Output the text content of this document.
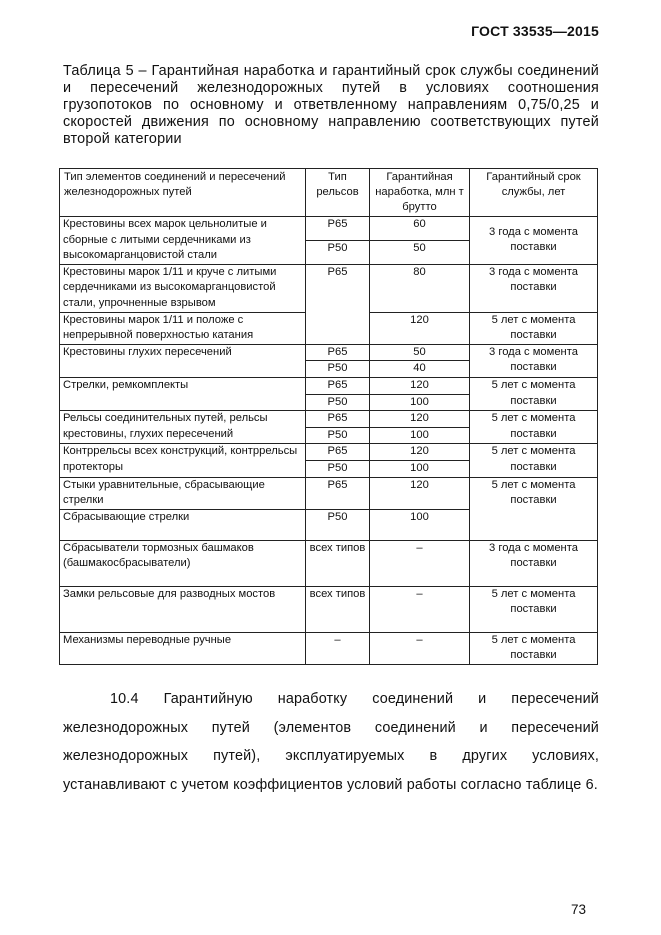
ГОСТ 33535—2015
Таблица 5 – Гарантийная наработка и гарантийный срок службы соединений и пересечений железнодорожных путей в условиях соотношения грузопотоков по основному и ответвленному направлениям 0,75/0,25 и скоростей движения по основному направлению соответствующих путей второй категории
Тип элементов соединений и пересечений железнодорожных путей	Тип рельсов	Гарантийная наработка, млн т брутто	Гарантийный срок службы, лет
Крестовины всех марок цельнолитые и сборные с литыми сердечниками из высокомарганцовистой стали	Р65	60	3 года с момента поставки
	Р50	50	
Крестовины марок 1/11 и круче с литыми сердечниками из высокомарганцовистой стали, упрочненные взрывом	Р65	80	3 года с момента поставки
Крестовины марок 1/11 и положе с непрерывной поверхностью катания		120	5 лет с момента поставки
Крестовины глухих пересечений	Р65	50	3 года с момента поставки
	Р50	40	
Стрелки, ремкомплекты	Р65	120	5 лет с момента поставки
	Р50	100	
Рельсы соединительных путей, рельсы крестовины, глухих пересечений	Р65	120	5 лет с момента поставки
	Р50	100	
Контррельсы всех конструкций, контррельсы протекторы	Р65	120	5 лет с момента поставки
	Р50	100	
Стыки уравнительные, сбрасывающие стрелки	Р65	120	5 лет с момента поставки
Сбрасывающие стрелки	Р50	100	
Сбрасыватели тормозных башмаков (башмакосбрасыватели)	всех типов	–	3 года с момента поставки
Замки рельсовые для разводных мостов	всех типов	–	5 лет с момента поставки
Механизмы переводные ручные	–	–	5 лет с момента поставки
10.4 Гарантийную наработку соединений и пересечений железнодорожных путей (элементов соединений и пересечений железнодорожных путей), эксплуатируемых в других условиях, устанавливают с учетом коэффициентов условий работы согласно таблице 6.
73
